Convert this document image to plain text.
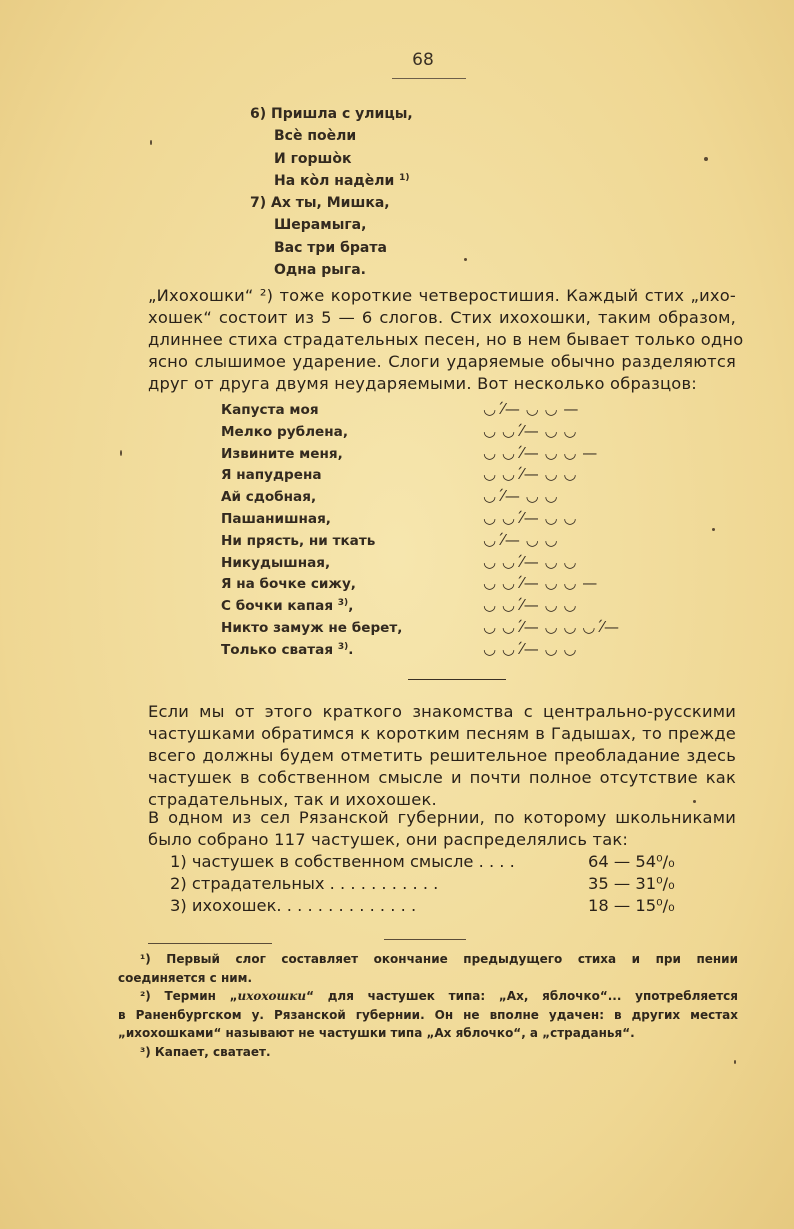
68
6) Пришла с улицы,
Всѐ поѐли
И горшо̀к
На ко̀л надѐли $^{1)}$
7) Ах ты, Мишка,
Шерамыга,
Вас три брата
Одна рыга.
„Ихохошки“ ²) тоже короткие четверостишия. Каждый стих „ихо-
хошек“ состоит из 5 — 6 слогов. Стих ихохошки, таким образом,
длиннее стиха страдательных песен, но в нем бывает только одно
ясно слышимое ударение. Слоги ударяемые обычно разделяются
друг от друга двумя неударяемыми. Вот несколько образцов:
Капуста моя	◡ ⁄́— ◡ ◡ —
Мелко рублена,	◡ ◡ ⁄́— ◡ ◡
Извините меня,	◡ ◡ ⁄́— ◡ ◡ —
Я напудрена	◡ ◡ ⁄́— ◡ ◡
Ай сдобная,	◡ ⁄́— ◡ ◡
Пашанишная,	◡ ◡ ⁄́— ◡ ◡
Ни прясть, ни ткать	◡ ⁄́— ◡ ◡
Никудышная,	◡ ◡ ⁄́— ◡ ◡
Я на бочке сижу,	◡ ◡ ⁄́— ◡ ◡ —
С бочки капая $^{3)}$,	◡ ◡ ⁄́— ◡ ◡
Никто замуж не берет,	◡ ◡ ⁄́— ◡ ◡ ◡ ⁄́—
Только сватая $^{3)}$.	◡ ◡ ⁄́— ◡ ◡
Если мы от этого краткого знакомства с центрально-русскими
частушками обратимся к коротким песням в Гадышах, то прежде
всего должны будем отметить решительное преобладание здесь
частушек в собственном смысле и почти полное отсутствие как
страдательных, так и ихохошек.
В одном из сел Рязанской губернии, по которому школьниками
было собрано 117 частушек, они распределялись так:
1) частушек в собственном смысле . . . .	64 — 54⁰/₀
2) страдательных . . . . . . . . . . .	35 — 31⁰/₀
3) ихохошек. . . . . . . . . . . . . .	18 — 15⁰/₀
¹) Первый слог составляет окончание предыдущего стиха и при пении
соединяется с ним.
²) Термин „ихохошки“ для частушек типа: „Ах, яблочко“... употребляется
в Раненбургском у. Рязанской губернии. Он не вполне удачен: в других местах
„ихохошками“ называют не частушки типа „Ах яблочко“, а „страданья“.
³) Капает, сватает.
